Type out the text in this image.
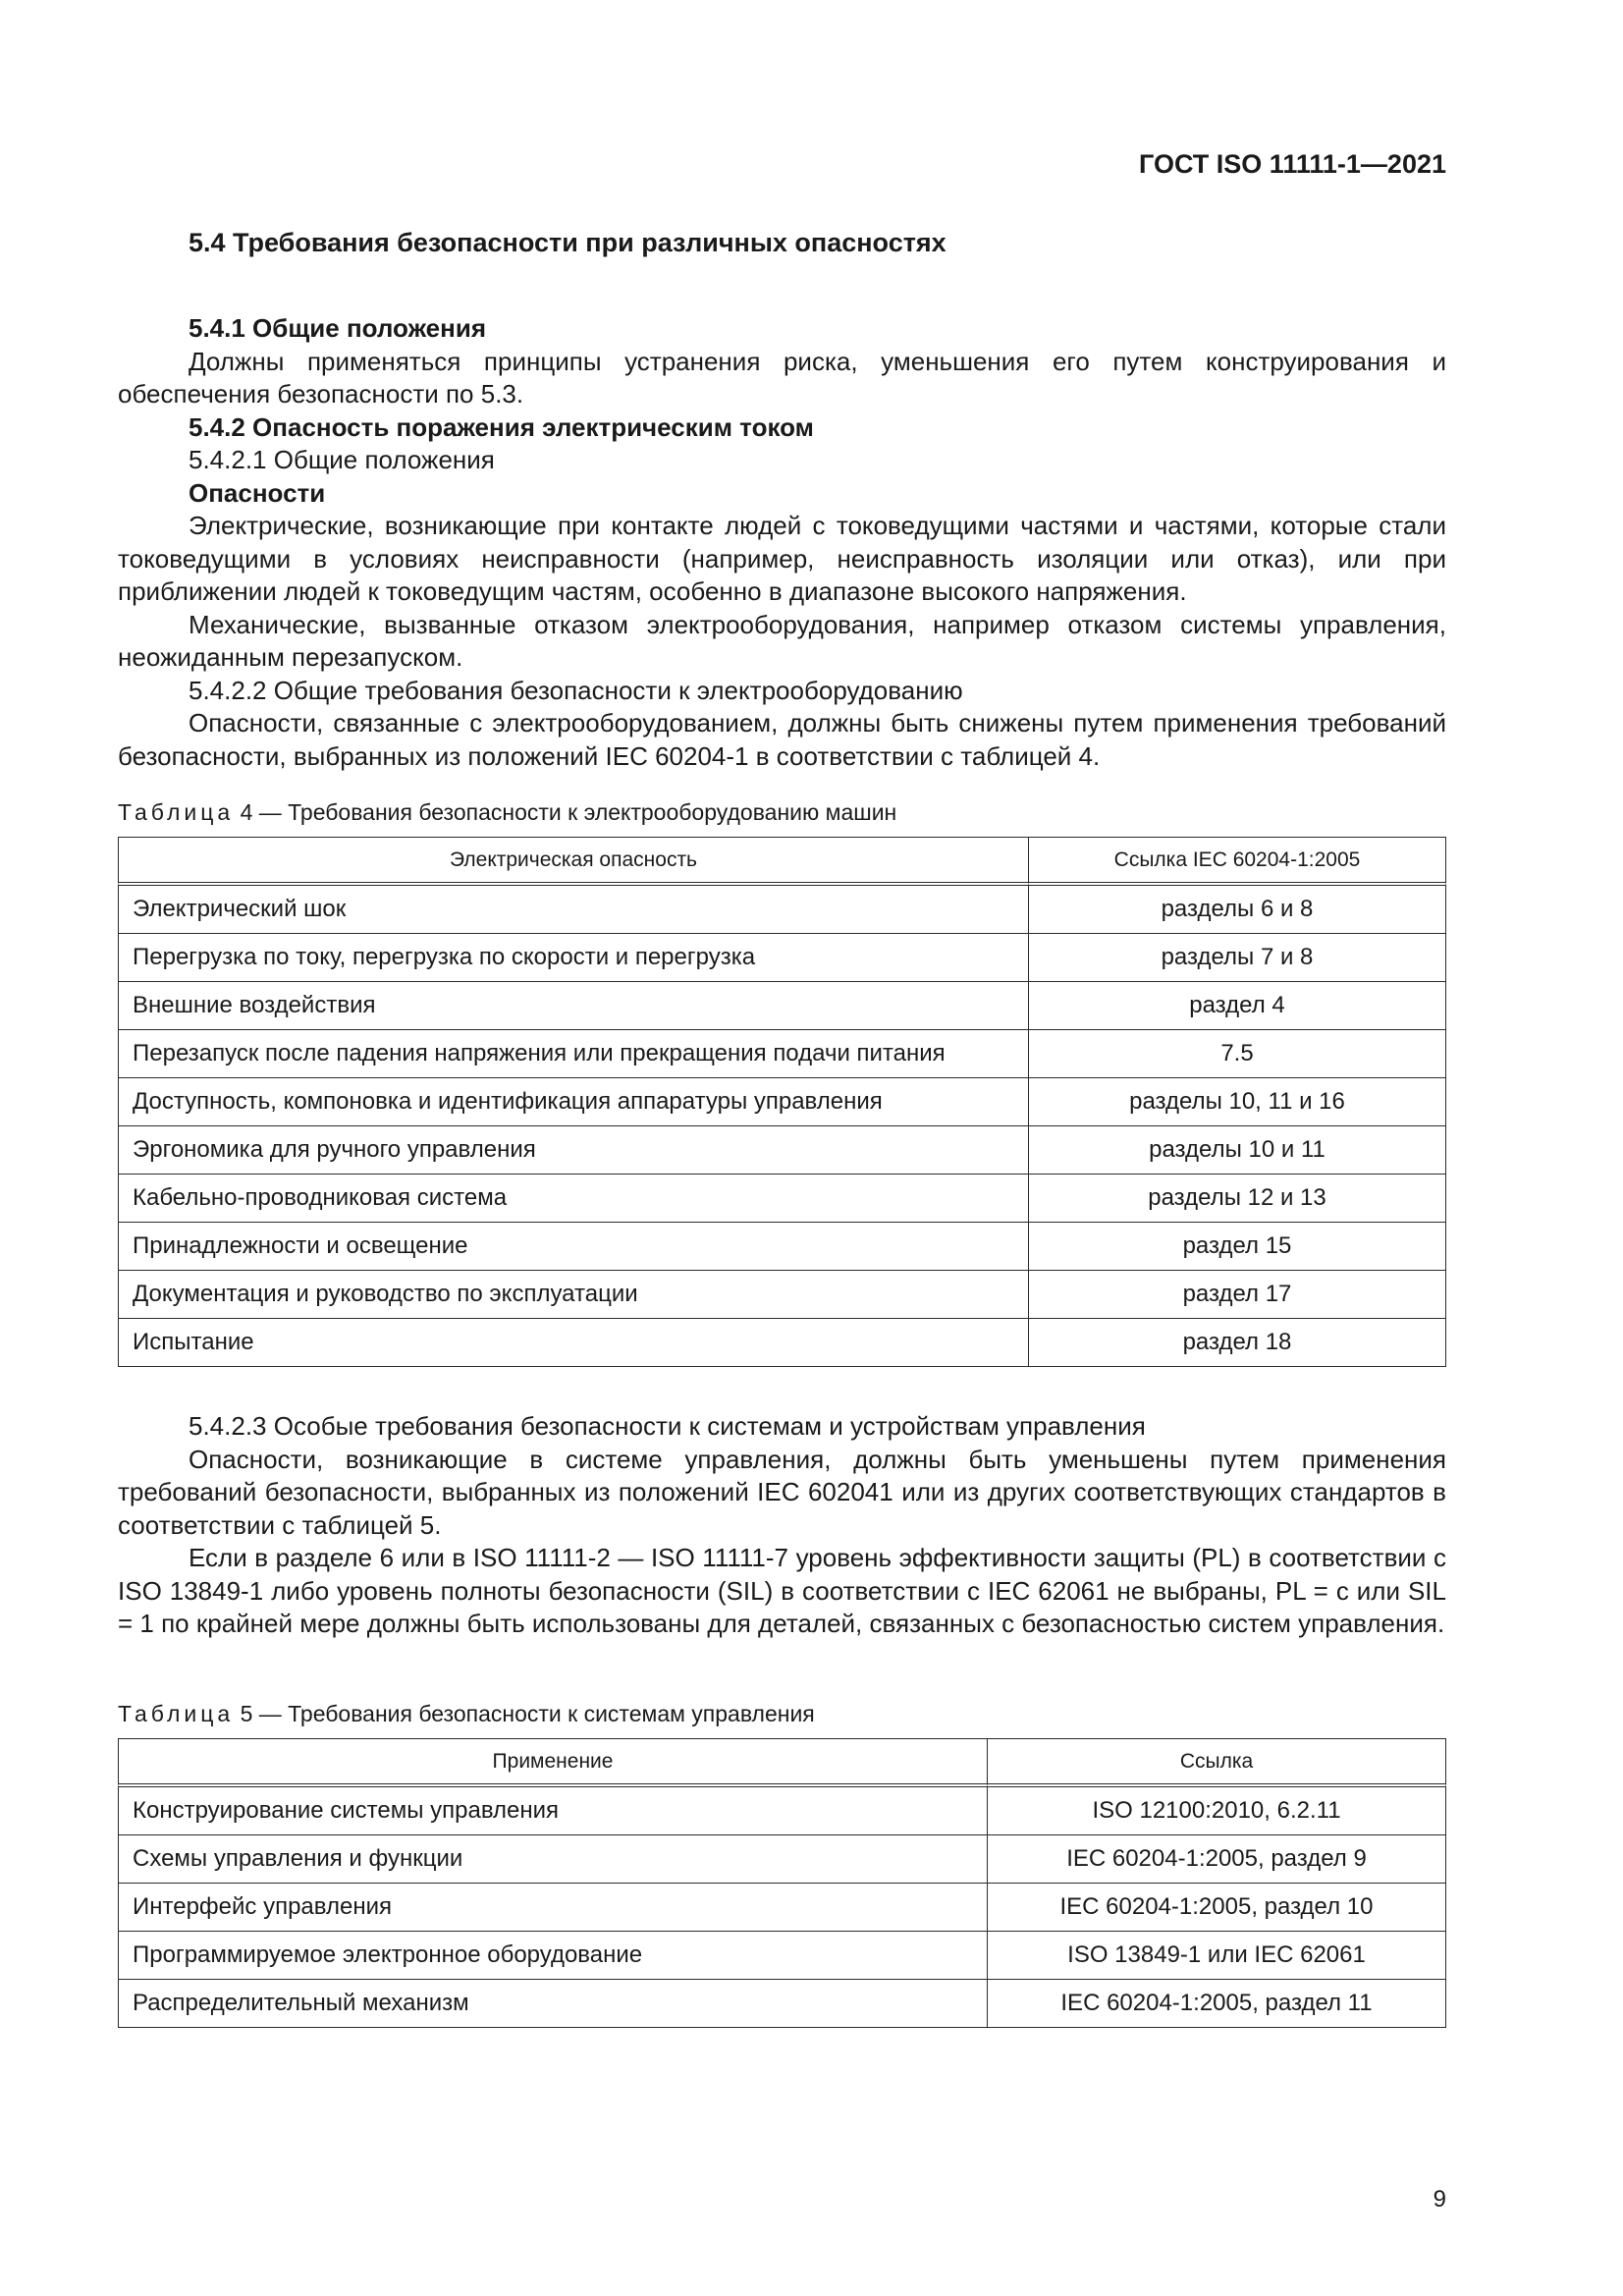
ГОСТ ISO 11111-1—2021
5.4 Требования безопасности при различных опасностях

5.4.1 Общие положения

Должны применяться принципы устранения риска, уменьшения его путем конструирования и обеспечения безопасности по 5.3.

5.4.2 Опасность поражения электрическим током

5.4.2.1 Общие положения

Опасности

Электрические, возникающие при контакте людей с токоведущими частями и частями, которые стали токоведущими в условиях неисправности (например, неисправность изоляции или отказ), или при приближении людей к токоведущим частям, особенно в диапазоне высокого напряжения.

Механические, вызванные отказом электрооборудования, например отказом системы управления, неожиданным перезапуском.

5.4.2.2 Общие требования безопасности к электрооборудованию

Опасности, связанные с электрооборудованием, должны быть снижены путем применения требований безопасности, выбранных из положений IEC 60204-1 в соответствии с таблицей 4.

Таблица 4 — Требования безопасности к электрооборудованию машин

Электрическая опасность	Ссылка IEC 60204-1:2005
Электрический шок	разделы 6 и 8
Перегрузка по току, перегрузка по скорости и перегрузка	разделы 7 и 8
Внешние воздействия	раздел 4
Перезапуск после падения напряжения или прекращения подачи питания	7.5
Доступность, компоновка и идентификация аппаратуры управления	разделы 10, 11 и 16
Эргономика для ручного управления	разделы 10 и 11
Кабельно-проводниковая система	разделы 12 и 13
Принадлежности и освещение	раздел 15
Документация и руководство по эксплуатации	раздел 17
Испытание	раздел 18

5.4.2.3 Особые требования безопасности к системам и устройствам управления

Опасности, возникающие в системе управления, должны быть уменьшены путем применения требований безопасности, выбранных из положений IEC 602041 или из других соответствующих стандартов в соответствии с таблицей 5.

Если в разделе 6 или в ISO 11111-2 — ISO 11111-7 уровень эффективности защиты (PL) в соответствии с ISO 13849-1 либо уровень полноты безопасности (SIL) в соответствии с IEC 62061 не выбраны, PL = c или SIL = 1 по крайней мере должны быть использованы для деталей, связанных с безопасностью систем управления.

Таблица 5 — Требования безопасности к системам управления

Применение	Ссылка
Конструирование системы управления	ISO 12100:2010, 6.2.11
Схемы управления и функции	IEC 60204-1:2005, раздел 9
Интерфейс управления	IEC 60204-1:2005, раздел 10
Программируемое электронное оборудование	ISO 13849-1 или IEC 62061
Распределительный механизм	IEC 60204-1:2005, раздел 11
9
